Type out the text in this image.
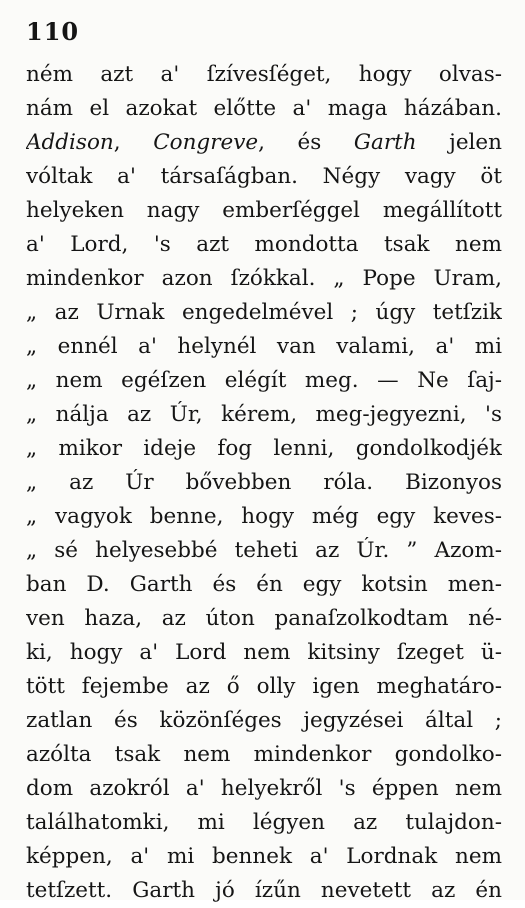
110
ném azt a' ſzívesſéget, hogy olvas-
nám el azokat előtte a' maga házában.
Addison, Congreve, és Garth jelen
vóltak a' társaſágban. Négy vagy öt
helyeken nagy emberſéggel megállított
a' Lord, 's azt mondotta tsak nem
mindenkor azon ſzókkal. „ Pope Uram,
„ az Urnak engedelmével ; úgy tetſzik
„ ennél a' helynél van valami, a' mi
„ nem egéſzen elégít meg. — Ne ſaj-
„ nálja az Úr, kérem, meg-jegyezni, 's
„ mikor ideje fog lenni, gondolkodjék
„ az Úr bővebben róla. Bizonyos
„ vagyok benne, hogy még egy keves-
„ sé helyesebbé teheti az Úr. ” Azom-
ban D. Garth és én egy kotsin men-
ven haza, az úton panaſzolkodtam né-
ki, hogy a' Lord nem kitsiny ſzeget ü-
tött fejembe az ő olly igen meghatáro-
zatlan és közönſéges jegyzései által ;
azólta tsak nem mindenkor gondolko-
dom azokról a' helyekről 's éppen nem
találhatomki, mi légyen az tulajdon-
képpen, a' mi bennek a' Lordnak nem
tetſzett. Garth jó ízűn nevetett az én
